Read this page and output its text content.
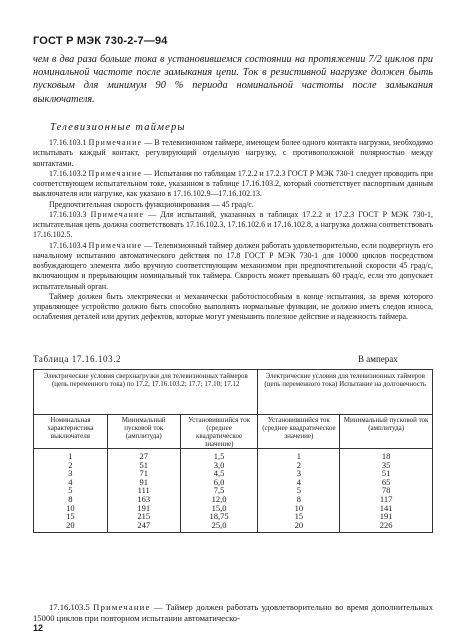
ГОСТ Р МЭК 730-2-7—94

чем в два раза больше тока в установившемся состоянии на протяжении 7/2 циклов при номинальной частоте после замыкания цепи. Ток в резистивной нагрузке должен быть пусковым для минимум 90 % периода номинальной частоты после замыкания выключателя.

Телевизионные таймеры

17.16.103.1 Примечание — В телевизионном таймере, имеющем более одного контакта нагрузки, необходимо испытывать каждый контакт, регулирующий отдельную нагрузку, с противоположной полярностью между контактами.

17.16.103.2 Примечание — Испытания по таблицам 17.2.2 и 17.2.3 ГОСТ Р МЭК 730-1 следует проводить при соответствующем испытательном токе, указанном в таблице 17.16.103.2, который соответствует паспортным данным выключателя или нагрузке, как указано в 17.16.102.9—17.16.102.13.

Предпочтительная скорость функционирования — 45 град/с.

17.16.103.3 Примечание — Для испытаний, указанных в таблицах 17.2.2 и 17.2.3 ГОСТ Р МЭК 730-1, испытательная цепь должна соответствовать 17.16.102.3, 17.16.102.6 и 17.16.102.8, а нагрузка должна соответствовать 17.16.102.5.

17.16.103.4 Примечание — Телевизионный таймер должен работать удовлетворительно, если подвергнуть его начальному испытанию автоматического действия по 17.8 ГОСТ Р МЭК 730-1 для 10000 циклов посредством возбуждающего элемента либо вручную соответствующим механизмом при предпочтительной скорости 45 град/с, включающим и прерывающим номинальный ток таймера. Скорость может превышать 60 град/с, если это допускает испытательный орган.

Таймер должен быть электрически и механически работоспособным в конце испытания, за время которого управляющее устройство должно быть способно выполнять нормальные функции, не должно иметь следов износа, ослабления деталей или других дефектов, которые могут уменьшить полезное действие и надежность таймера.

Таблица 17.16.103.2	В амперах
Электрические условия сверхнагрузки для телевизионных таймеров (цепь переменного тока) по 17.2, 17.16.103.2; 17.7; 17.10; 17.12			Электрические условия для телевизионных таймеров (цепь переменного тока) Испытание на долговечность	
Номинальная характеристика выключателя	Минимальный пусковой ток (амплитуда)	Установившийся ток (среднее квадратическое значение)	Установившийся ток (среднее квадратическое значение)	Минимальный пусковой ток (амплитуда)
1	27	1,5	1	18
2	51	3,0	2	35
3	71	4,5	3	51
4	91	6,0	4	65
5	111	7,5	5	78
8	163	12,0	8	117
10	191	15,0	10	141
15	215	18,75	15	191
20	247	25,0	20	226

17.16.103.5 Примечание — Таймер должен работать удовлетворительно во время дополнительных 15000 циклов при повторном испытании автоматическо-

12
